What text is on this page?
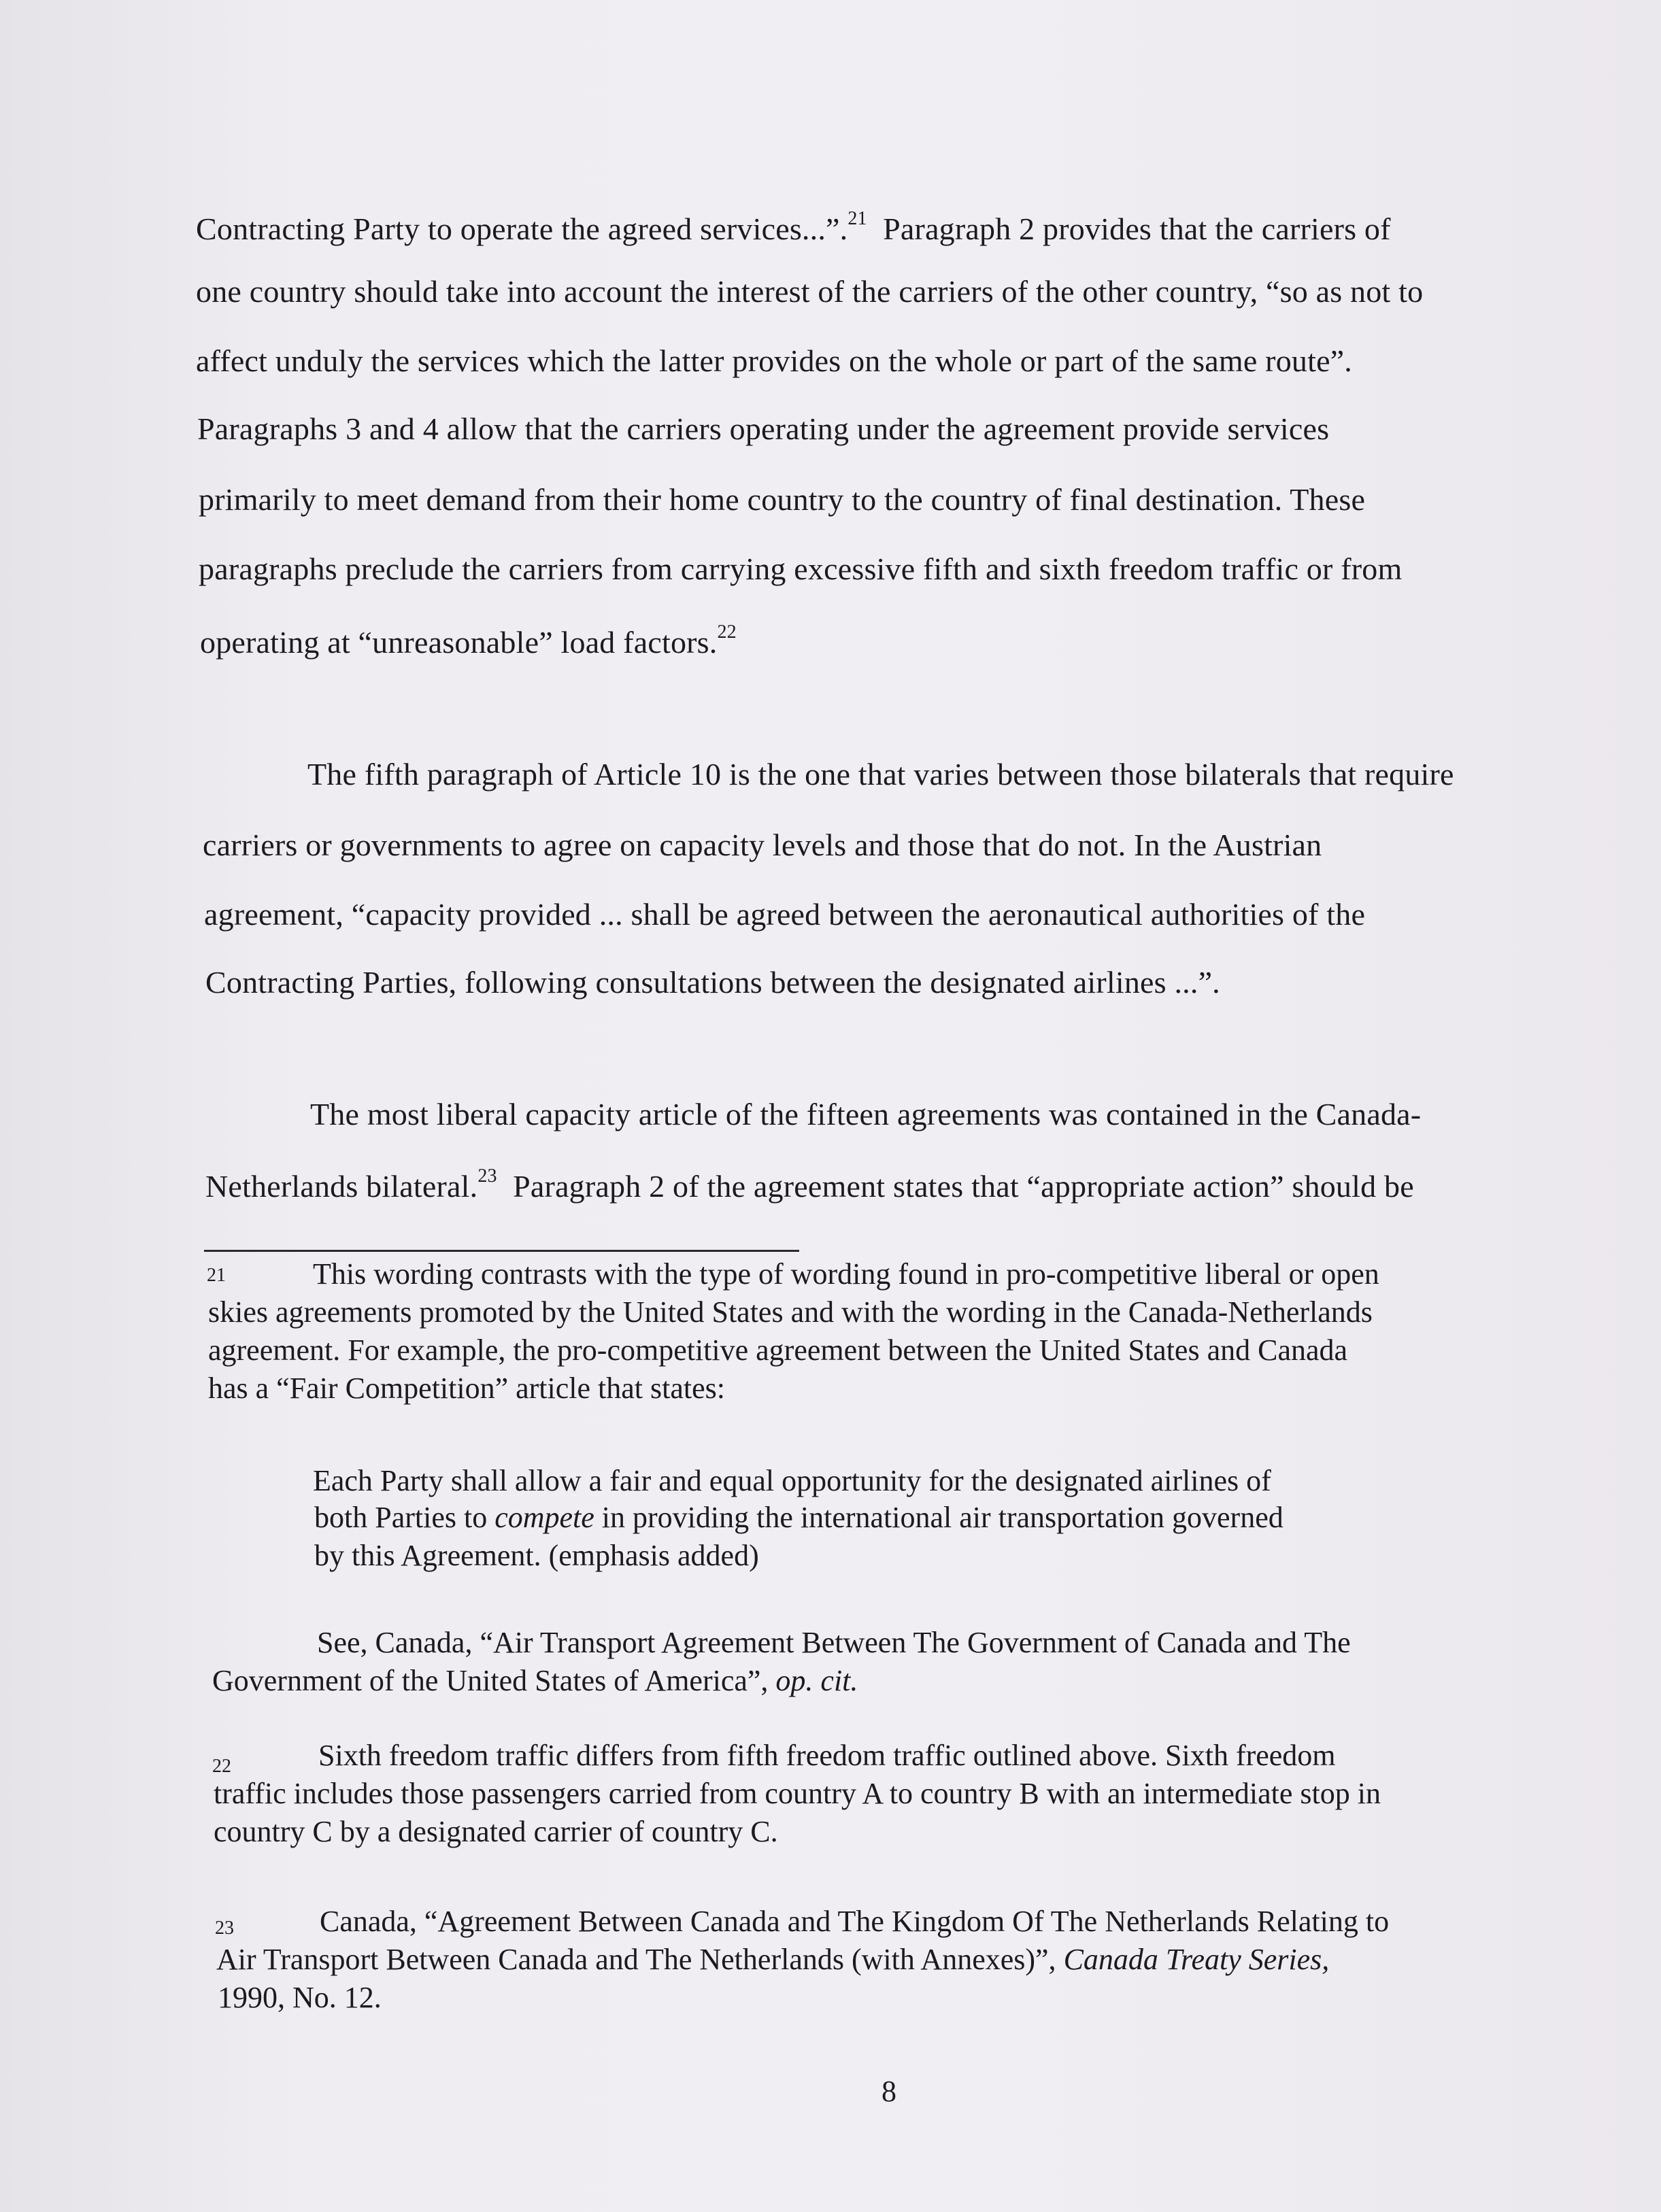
Contracting Party to operate the agreed services...”.$^{21}$  Paragraph 2 provides that the carriers of
one country should take into account the interest of the carriers of the other country, “so as not to
affect unduly the services which the latter provides on the whole or part of the same route”.
Paragraphs 3 and 4 allow that the carriers operating under the agreement provide services
primarily to meet demand from their home country to the country of final destination. These
paragraphs preclude the carriers from carrying excessive fifth and sixth freedom traffic or from
operating at “unreasonable” load factors.$^{22}$
The fifth paragraph of Article 10 is the one that varies between those bilaterals that require
carriers or governments to agree on capacity levels and those that do not. In the Austrian
agreement, “capacity provided ... shall be agreed between the aeronautical authorities of the
Contracting Parties, following consultations between the designated airlines ...”.
The most liberal capacity article of the fifteen agreements was contained in the Canada-
Netherlands bilateral.$^{23}$  Paragraph 2 of the agreement states that “appropriate action” should be
21	This wording contrasts with the type of wording found in pro-competitive liberal or open
skies agreements promoted by the United States and with the wording in the Canada-Netherlands
agreement. For example, the pro-competitive agreement between the United States and Canada
has a “Fair Competition” article that states:
Each Party shall allow a fair and equal opportunity for the designated airlines of
both Parties to compete in providing the international air transportation governed
by this Agreement. (emphasis added)
See, Canada, “Air Transport Agreement Between The Government of Canada and The
Government of the United States of America”, op. cit.
22	Sixth freedom traffic differs from fifth freedom traffic outlined above. Sixth freedom
traffic includes those passengers carried from country A to country B with an intermediate stop in
country C by a designated carrier of country C.
23	Canada, “Agreement Between Canada and The Kingdom Of The Netherlands Relating to
Air Transport Between Canada and The Netherlands (with Annexes)”, Canada Treaty Series,
1990, No. 12.
8
